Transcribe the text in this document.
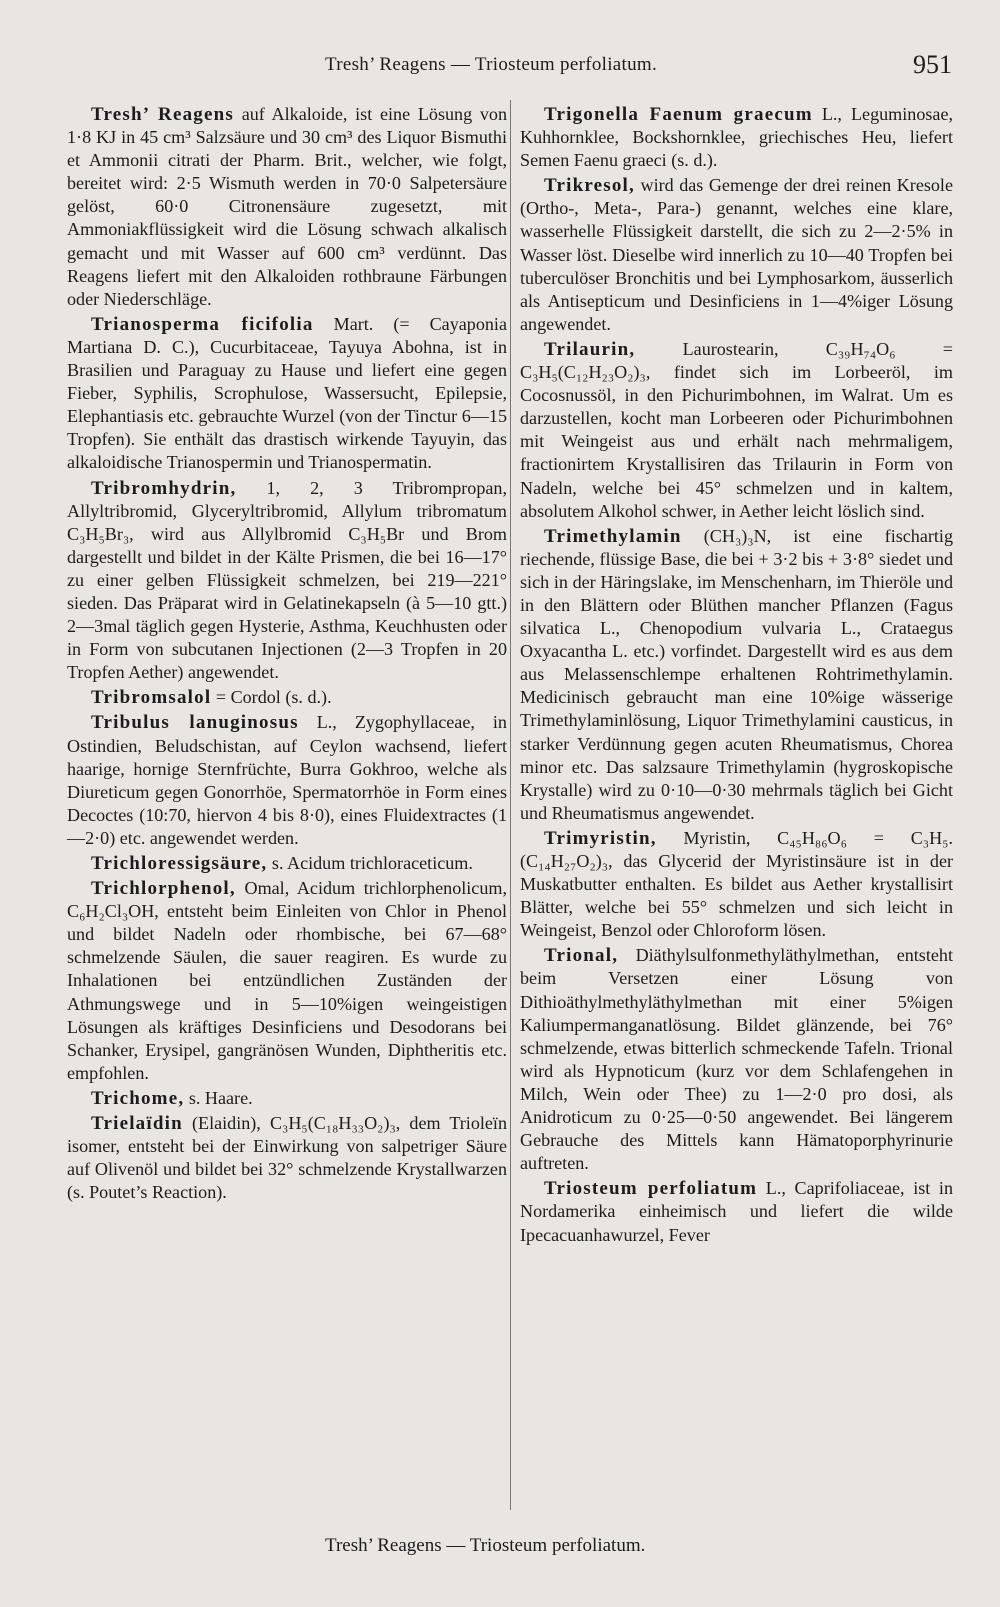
Tresh’ Reagens — Triosteum perfoliatum.	951

Tresh’ Reagens auf Alkaloide, ist eine Lösung von 1·8 KJ in 45 cm³ Salzsäure und 30 cm³ des Liquor Bismuthi et Ammonii citrati der Pharm. Brit., welcher, wie folgt, bereitet wird: 2·5 Wismuth werden in 70·0 Salpetersäure gelöst, 60·0 Citronensäure zugesetzt, mit Ammoniakflüssigkeit wird die Lösung schwach alkalisch gemacht und mit Wasser auf 600 cm³ verdünnt. Das Reagens liefert mit den Alkaloiden rothbraune Färbungen oder Niederschläge.

Trianosperma ficifolia Mart. (= Cayaponia Martiana D. C.), Cucurbitaceae, Tayuya Abohna, ist in Brasilien und Paraguay zu Hause und liefert eine gegen Fieber, Syphilis, Scrophulose, Wassersucht, Epilepsie, Elephantiasis etc. gebrauchte Wurzel (von der Tinctur 6—15 Tropfen). Sie enthält das drastisch wirkende Tayuyin, das alkaloidische Trianospermin und Trianospermatin.

Tribromhydrin, 1, 2, 3 Tribrompropan, Allyltribromid, Glyceryltribromid, Allylum tribromatum C₃H₅Br₃, wird aus Allylbromid C₃H₅Br und Brom dargestellt und bildet in der Kälte Prismen, die bei 16—17° zu einer gelben Flüssigkeit schmelzen, bei 219—221° sieden. Das Präparat wird in Gelatinekapseln (à 5—10 gtt.) 2—3mal täglich gegen Hysterie, Asthma, Keuchhusten oder in Form von subcutanen Injectionen (2—3 Tropfen in 20 Tropfen Aether) angewendet.

Tribromsalol = Cordol (s. d.).

Tribulus lanuginosus L., Zygophyllaceae, in Ostindien, Beludschistan, auf Ceylon wachsend, liefert haarige, hornige Sternfrüchte, Burra Gokhroo, welche als Diureticum gegen Gonorrhöe, Spermatorrhöe in Form eines Decoctes (10:70, hiervon 4 bis 8·0), eines Fluidextractes (1—2·0) etc. angewendet werden.

Trichloressigsäure, s. Acidum trichloraceticum.

Trichlorphenol, Omal, Acidum trichlorphenolicum, C₆H₂Cl₃OH, entsteht beim Einleiten von Chlor in Phenol und bildet Nadeln oder rhombische, bei 67—68° schmelzende Säulen, die sauer reagiren. Es wurde zu Inhalationen bei entzündlichen Zuständen der Athmungswege und in 5—10%igen weingeistigen Lösungen als kräftiges Desinficiens und Desodorans bei Schanker, Erysipel, gangränösen Wunden, Diphtheritis etc. empfohlen.

Trichome, s. Haare.

Trielaïdin (Elaidin), C₃H₅(C₁₈H₃₃O₂)₃, dem Trioleïn isomer, entsteht bei der Einwirkung von salpetriger Säure auf Olivenöl und bildet bei 32° schmelzende Krystallwarzen (s. Poutet’s Reaction).

Trigonella Faenum graecum L., Leguminosae, Kuhhornklee, Bockshornklee, griechisches Heu, liefert Semen Faenu graeci (s. d.).

Trikresol, wird das Gemenge der drei reinen Kresole (Ortho-, Meta-, Para-) genannt, welches eine klare, wasserhelle Flüssigkeit darstellt, die sich zu 2—2·5% in Wasser löst. Dieselbe wird innerlich zu 10—40 Tropfen bei tuberculöser Bronchitis und bei Lymphosarkom, äusserlich als Antisepticum und Desinficiens in 1—4%iger Lösung angewendet.

Trilaurin,	Laurostearin, C₃₉H₇₄O₆ = C₃H₅(C₁₂H₂₃O₂)₃, findet sich im Lorbeeröl, im Cocosnussöl, in den Pichurimbohnen, im Walrat. Um es darzustellen, kocht man Lorbeeren oder Pichurimbohnen mit Weingeist aus und erhält nach mehrmaligem, fractionirtem Krystallisiren das Trilaurin in Form von Nadeln, welche bei 45° schmelzen und in kaltem, absolutem Alkohol schwer, in Aether leicht löslich sind.

Trimethylamin (CH₃)₃N, ist eine fischartig riechende, flüssige Base, die bei + 3·2 bis + 3·8° siedet und sich in der Häringslake, im Menschenharn, im Thieröle und in den Blättern oder Blüthen mancher Pflanzen (Fagus silvatica L., Chenopodium vulvaria L., Crataegus Oxyacantha L. etc.) vorfindet. Dargestellt wird es aus dem aus Melassenschlempe erhaltenen Rohtrimethylamin. Medicinisch gebraucht man eine 10%ige wässerige Trimethylaminlösung, Liquor Trimethylamini causticus, in starker Verdünnung gegen acuten Rheumatismus, Chorea minor etc. Das salzsaure Trimethylamin (hygroskopische Krystalle) wird zu 0·10—0·30 mehrmals täglich bei Gicht und Rheumatismus angewendet.

Trimyristin, Myristin, C₄₅H₈₆O₆ = C₃H₅.(C₁₄H₂₇O₂)₃, das Glycerid der Myristinsäure ist in der Muskatbutter enthalten. Es bildet aus Aether krystallisirt Blätter, welche bei 55° schmelzen und sich leicht in Weingeist, Benzol oder Chloroform lösen.

Trional, Diäthylsulfonmethyläthylmethan, entsteht beim Versetzen einer Lösung von Dithioäthylmethyläthylmethan mit einer 5%igen Kaliumpermanganatlösung. Bildet glänzende, bei 76° schmelzende, etwas bitterlich schmeckende Tafeln. Trional wird als Hypnoticum (kurz vor dem Schlafengehen in Milch, Wein oder Thee) zu 1—2·0 pro dosi, als Anidroticum zu 0·25—0·50 angewendet. Bei längerem Gebrauche des Mittels kann Hämatoporphyrinurie auftreten.

Triosteum perfoliatum L., Caprifoliaceae, ist in Nordamerika einheimisch und liefert die wilde Ipecacuanhawurzel, Fever

Tresh’ Reagens — Triosteum perfoliatum.
